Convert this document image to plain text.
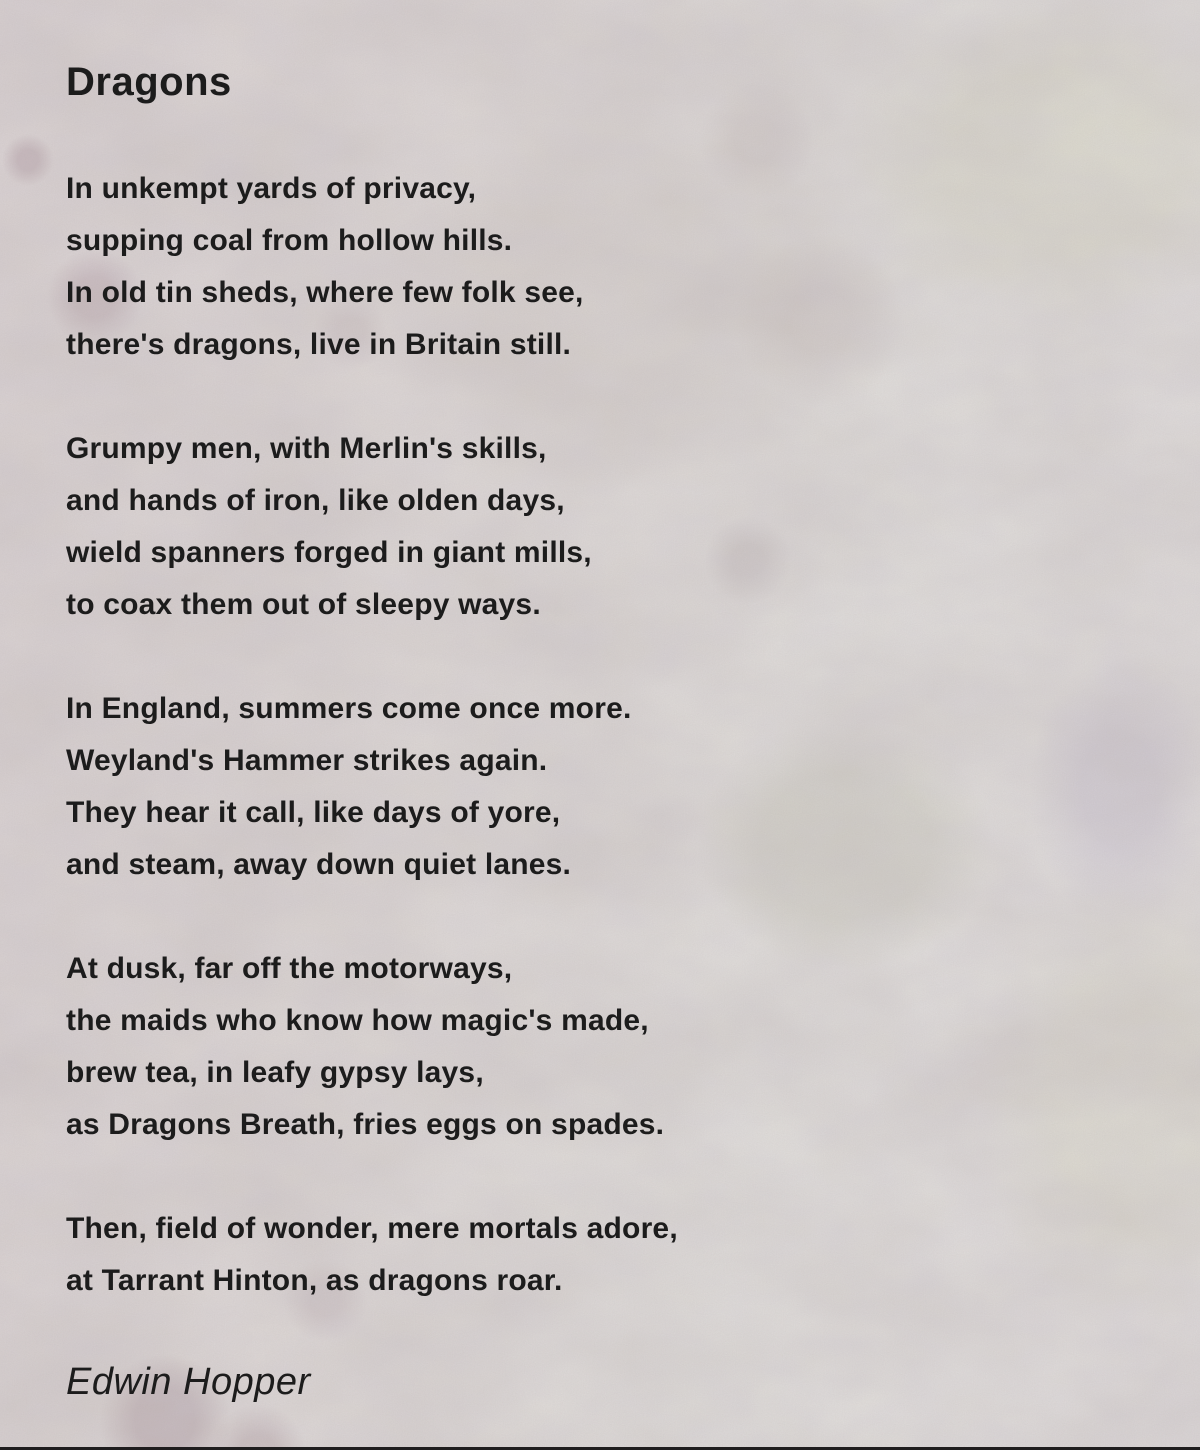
Dragons

In unkempt yards of privacy,

supping coal from hollow hills.

In old tin sheds, where few folk see,

there's dragons, live in Britain still.

Grumpy men, with Merlin's skills,

and hands of iron, like olden days,

wield spanners forged in giant mills,

to coax them out of sleepy ways.

In England, summers come once more.

Weyland's Hammer strikes again.

They hear it call, like days of yore,

and steam, away down quiet lanes.

At dusk, far off the motorways,

the maids who know how magic's made,

brew tea, in leafy gypsy lays,

as Dragons Breath, fries eggs on spades.

Then, field of wonder, mere mortals adore,

at Tarrant Hinton, as dragons roar.

Edwin Hopper
